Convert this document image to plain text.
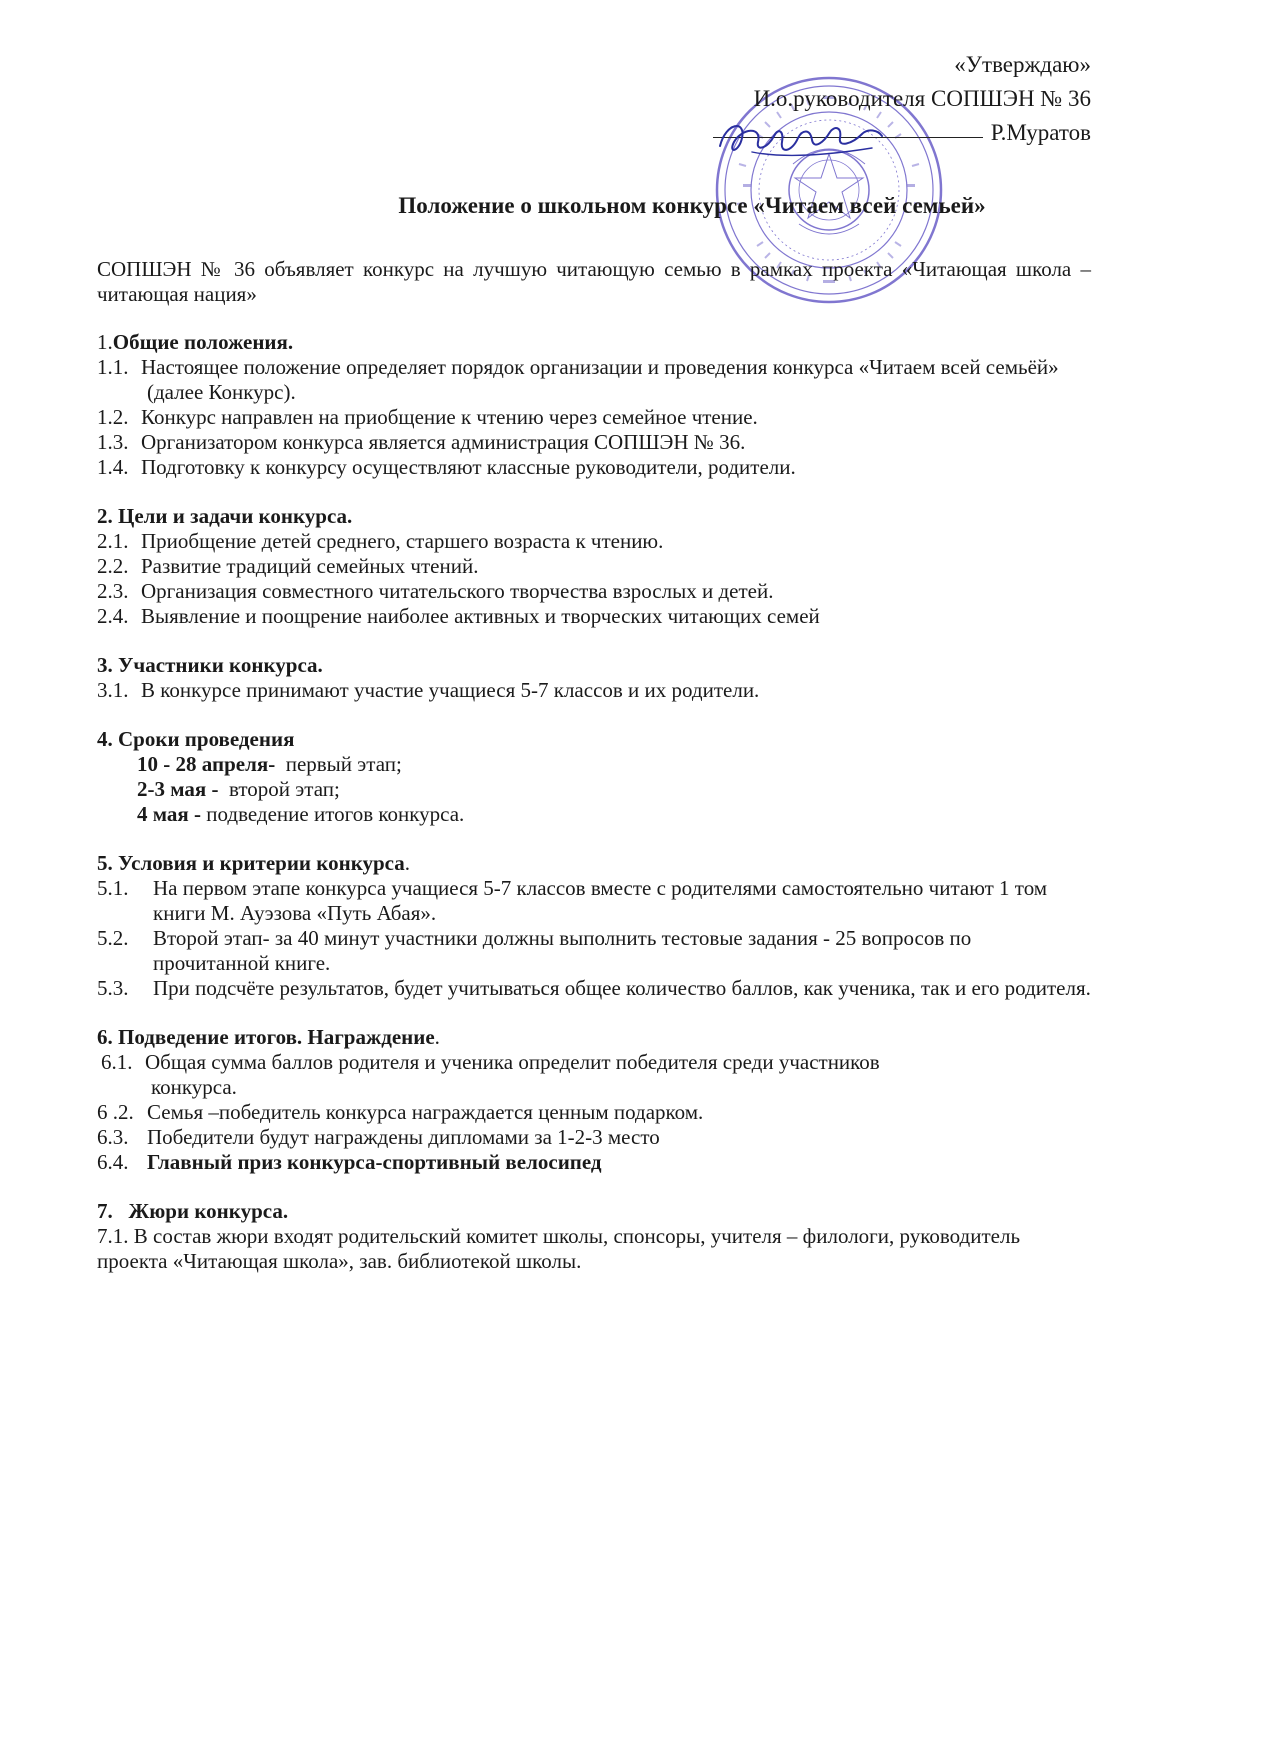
«Утверждаю»
И.о.руководителя СОПШЭН № 36
Р.Муратов
Положение о школьном конкурсе «Читаем всей семьей»

СОПШЭН № 36 объявляет конкурс на лучшую читающую семью в рамках проекта «Читающая школа – читающая нация»

1.Общие положения.

1.1. Настоящее положение определяет порядок организации и проведения конкурса «Читаем всей семьёй» (далее Конкурс).

1.2. Конкурс направлен на приобщение к чтению через семейное чтение.

1.3. Организатором конкурса является администрация СОПШЭН № 36.

1.4. Подготовку к конкурсу осуществляют классные руководители, родители.

2. Цели и задачи конкурса.

2.1. Приобщение детей среднего, старшего возраста к чтению.

2.2. Развитие традиций семейных чтений.

2.3. Организация совместного читательского творчества взрослых и детей.

2.4. Выявление и поощрение наиболее активных и творческих читающих семей

3. Участники конкурса.

3.1. В конкурсе принимают участие учащиеся 5-7 классов и их родители.

4. Сроки проведения

10 - 28 апреля-  первый этап;

2-3 мая -  второй этап;

4 мая - подведение итогов конкурса.

5. Условия и критерии конкурса.

5.1. На первом этапе конкурса учащиеся 5-7 классов вместе с родителями самостоятельно читают 1 том книги М. Ауэзова «Путь Абая».

5.2. Второй этап- за 40 минут участники должны выполнить тестовые задания - 25 вопросов по прочитанной книге.

5.3. При подсчёте результатов, будет учитываться общее количество баллов, как ученика, так и его родителя.

6. Подведение итогов. Награждение.

6.1. Общая сумма баллов родителя и ученика определит победителя среди участников конкурса.

6 .2. Семья –победитель конкурса награждается ценным подарком.

6.3. Победители будут награждены дипломами за 1-2-3 место

6.4. Главный приз конкурса-спортивный велосипед

7.   Жюри конкурса.

7.1. В состав жюри входят родительский комитет школы, спонсоры, учителя – филологи, руководитель проекта «Читающая школа», зав. библиотекой школы.
